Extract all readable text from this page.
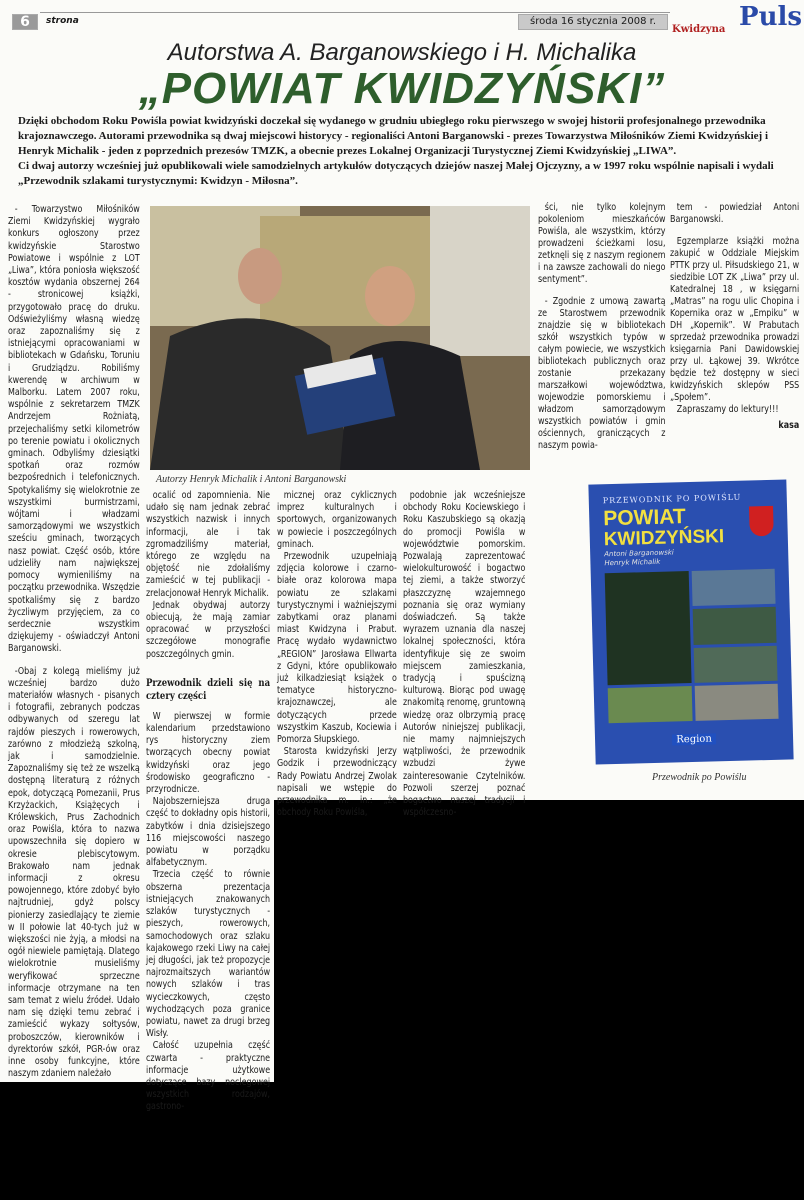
6	strona	środa 16 stycznia 2008 r.
Kwidzyna Puls
Autorstwa A. Barganowskiego i H. Michalika
„POWIAT KWIDZYŃSKI”
Dzięki obchodom Roku Powiśla powiat kwidzyński doczekał się wydanego w grudniu ubiegłego roku pierwszego w swojej historii profesjonalnego przewodnika krajoznawczego. Autorami przewodnika są dwaj miejscowi historycy - regionaliści Antoni Barganowski - prezes Towarzystwa Miłośników Ziemi Kwidzyńskiej i Henryk Michalik - jeden z poprzednich prezesów TMZK, a obecnie prezes Lokalnej Organizacji Turystycznej Ziemi Kwidzyńskiej „LIWA”.
Ci dwaj autorzy wcześniej już opublikowali wiele samodzielnych artykułów dotyczących dziejów naszej Małej Ojczyzny, a w 1997 roku wspólnie napisali i wydali „Przewodnik szlakami turystycznymi: Kwidzyn - Miłosna”.
Autorzy Henryk Michalik i Antoni Barganowski

- Towarzystwo Miłośników Ziemi Kwidzyńskiej wygrało konkurs ogłoszony przez kwidzyńskie Starostwo Powiatowe i wspólnie z LOT „Liwa”, która poniosła większość kosztów wydania obszernej 264 - stronicowej książki, przygotowało pracę do druku. Odświeżyliśmy własną wiedzę oraz zapoznaliśmy się z istniejącymi opracowaniami w bibliotekach w Gdańsku, Toruniu i Grudziądzu. Robiliśmy kwerendę w archiwum w Malborku. Latem 2007 roku, wspólnie z sekretarzem TMZK Andrzejem Rożniatą, przejechaliśmy setki kilometrów po terenie powiatu i okolicznych gminach. Odbyliśmy dziesiątki spotkań oraz rozmów bezpośrednich i telefonicznych. Spotykaliśmy się wielokrotnie ze wszystkimi burmistrzami, wójtami i władzami samorządowymi we wszystkich sześciu gminach, tworzących nasz powiat. Część osób, które udzieliły nam największej pomocy wymieniliśmy na początku przewodnika. Wszędzie spotkaliśmy się z bardzo życzliwym przyjęciem, za co serdecznie wszystkim dziękujemy - oświadczył Antoni Barganowski.

-Obaj z kolegą mieliśmy już wcześniej bardzo dużo materiałów własnych - pisanych i fotografii, zebranych podczas odbywanych od szeregu lat rajdów pieszych i rowerowych, zarówno z młodzieżą szkolną, jak i samodzielnie. Zapoznaliśmy się też ze wszelką dostępną literaturą z różnych epok, dotyczącą Pomezanii, Prus Krzyżackich, Książęcych i Królewskich, Prus Zachodnich oraz Powiśla, która to nazwa upowszechniła się dopiero w okresie plebiscytowym. Brakowało nam jednak informacji z okresu powojennego, które zdobyć było najtrudniej, gdyż polscy pionierzy zasiedlający te ziemie w II połowie lat 40-tych już w większości nie żyją, a młodsi na ogół niewiele pamiętają. Dlatego wielokrotnie musieliśmy weryfikować sprzeczne informacje otrzymane na ten sam temat z wielu źródeł. Udało nam się dzięki temu zebrać i zamieścić wykazy sołtysów, proboszczów, kierowników i dyrektorów szkół, PGR-ów oraz inne osoby funkcyjne, które naszym zdaniem należało

ocalić od zapomnienia. Nie udało się nam jednak zebrać wszystkich nazwisk i innych informacji, ale i tak zgromadziliśmy materiał, którego ze względu na objętość nie zdołaliśmy zamieścić w tej publikacji - zrelacjonował Henryk Michalik.

Jednak obydwaj autorzy obiecują, że mają zamiar opracować w przyszłości szczegółowe monografie poszczególnych gmin.

Przewodnik dzieli się na cztery części

W pierwszej w formie kalendarium przedstawiono rys historyczny ziem tworzących obecny powiat kwidzyński oraz jego środowisko geograficzno - przyrodnicze.

Najobszerniejsza druga część to dokładny opis historii, zabytków i dnia dzisiejszego 116 miejscowości naszego powiatu w porządku alfabetycznym.

Trzecia część to równie obszerna prezentacja istniejących znakowanych szlaków turystycznych - pieszych, rowerowych, samochodowych oraz szlaku kajakowego rzeki Liwy na całej jej długości, jak też propozycje najrozmaitszych wariantów nowych szlaków i tras wycieczkowych, często wychodzących poza granice powiatu, nawet za drugi brzeg Wisły.

Całość uzupełnia część czwarta - praktyczne informacje użytkowe dotyczące bazy noclegowej wszystkich rodzajów, gastrono-

micznej oraz cyklicznych imprez kulturalnych i sportowych, organizowanych w powiecie i poszczególnych gminach.

Przewodnik uzupełniają zdjęcia kolorowe i czarno-białe oraz kolorowa mapa powiatu ze szlakami turystycznymi i ważniejszymi zabytkami oraz planami miast Kwidzyna i Prabut. Pracę wydało wydawnictwo „REGION” Jarosława Ellwarta z Gdyni, które opublikowało już kilkadziesiąt książek o tematyce historyczno-krajoznawczej, ale dotyczących przede wszystkim Kaszub, Kociewia i Pomorza Słupskiego.

Starosta kwidzyński Jerzy Godzik i przewodniczący Rady Powiatu Andrzej Zwolak napisali we wstępie do przewodnika m. in.: „że obchody Roku Powiśla,

podobnie jak wcześniejsze obchody Roku Kociewskiego i Roku Kaszubskiego są okazją do promocji Powiśla w województwie pomorskim. Pozwalają zaprezentować wielokulturowość i bogactwo tej ziemi, a także stworzyć płaszczyznę wzajemnego poznania się oraz wymiany doświadczeń. Są także wyrazem uznania dla naszej lokalnej społeczności, która identyfikuje się ze swoim miejscem zamieszkania, tradycją i spuścizną kulturową. Biorąc pod uwagę znakomitą renomę, gruntowną wiedzę oraz olbrzymią pracę Autorów niniejszej publikacji, nie mamy najmniejszych wątpliwości, że przewodnik wzbudzi żywe zainteresowanie Czytelników. Pozwoli szerzej poznać bogactwo naszej tradycji i współczesno-

ści, nie tylko kolejnym pokoleniom mieszkańców Powiśla, ale wszystkim, którzy prowadzeni ścieżkami losu, zetknęli się z naszym regionem i na zawsze zachowali do niego sentyment”.

- Zgodnie z umową zawartą ze Starostwem przewodnik znajdzie się w bibliotekach szkół wszystkich typów w całym powiecie, we wszystkich bibliotekach publicznych oraz zostanie przekazany marszałkowi województwa, wojewodzie pomorskiemu i władzom samorządowym wszystkich powiatów i gmin ościennych, graniczących z naszym powia-

tem - powiedział Antoni Barganowski.

Egzemplarze książki można zakupić w Oddziale Miejskim PTTK przy ul. Piłsudskiego 21, w siedzibie LOT ZK „Liwa” przy ul. Katedralnej 18 , w księgarni „Matras” na rogu ulic Chopina i Kopernika oraz w „Empiku” w DH „Kopernik”. W Prabutach sprzedaż przewodnika prowadzi księgarnia Pani Dawidowskiej przy ul. Łąkowej 39. Wkrótce będzie też dostępny w sieci kwidzyńskich sklepów PSS „Społem”.

Zapraszamy do lektury!!!

kasa
PRZEWODNIK PO POWIŚLU
POWIAT
KWIDZYŃSKI
Antoni Barganowski
Henryk Michalik
Region
Przewodnik po Powiślu
